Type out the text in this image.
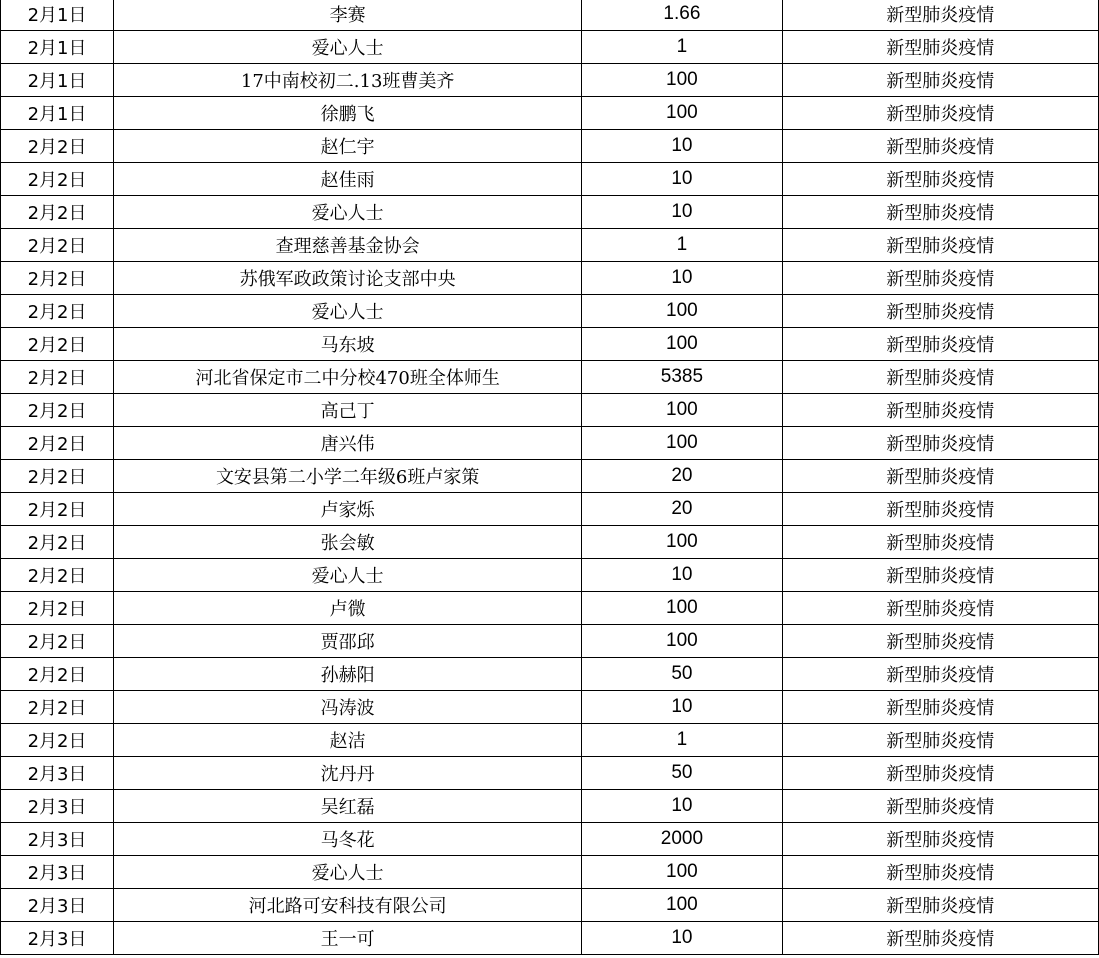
2月1日	李赛	1.66	新型肺炎疫情
2月1日	爱心人士	1	新型肺炎疫情
2月1日	17中南校初二.13班曹美齐	100	新型肺炎疫情
2月1日	徐鹏飞	100	新型肺炎疫情
2月2日	赵仁宇	10	新型肺炎疫情
2月2日	赵佳雨	10	新型肺炎疫情
2月2日	爱心人士	10	新型肺炎疫情
2月2日	查理慈善基金协会	1	新型肺炎疫情
2月2日	苏俄军政政策讨论支部中央	10	新型肺炎疫情
2月2日	爱心人士	100	新型肺炎疫情
2月2日	马东坡	100	新型肺炎疫情
2月2日	河北省保定市二中分校470班全体师生	5385	新型肺炎疫情
2月2日	高己丁	100	新型肺炎疫情
2月2日	唐兴伟	100	新型肺炎疫情
2月2日	文安县第二小学二年级6班卢家策	20	新型肺炎疫情
2月2日	卢家烁	20	新型肺炎疫情
2月2日	张会敏	100	新型肺炎疫情
2月2日	爱心人士	10	新型肺炎疫情
2月2日	卢微	100	新型肺炎疫情
2月2日	贾邵邱	100	新型肺炎疫情
2月2日	孙赫阳	50	新型肺炎疫情
2月2日	冯涛波	10	新型肺炎疫情
2月2日	赵洁	1	新型肺炎疫情
2月3日	沈丹丹	50	新型肺炎疫情
2月3日	吴红磊	10	新型肺炎疫情
2月3日	马冬花	2000	新型肺炎疫情
2月3日	爱心人士	100	新型肺炎疫情
2月3日	河北路可安科技有限公司	100	新型肺炎疫情
2月3日	王一可	10	新型肺炎疫情
